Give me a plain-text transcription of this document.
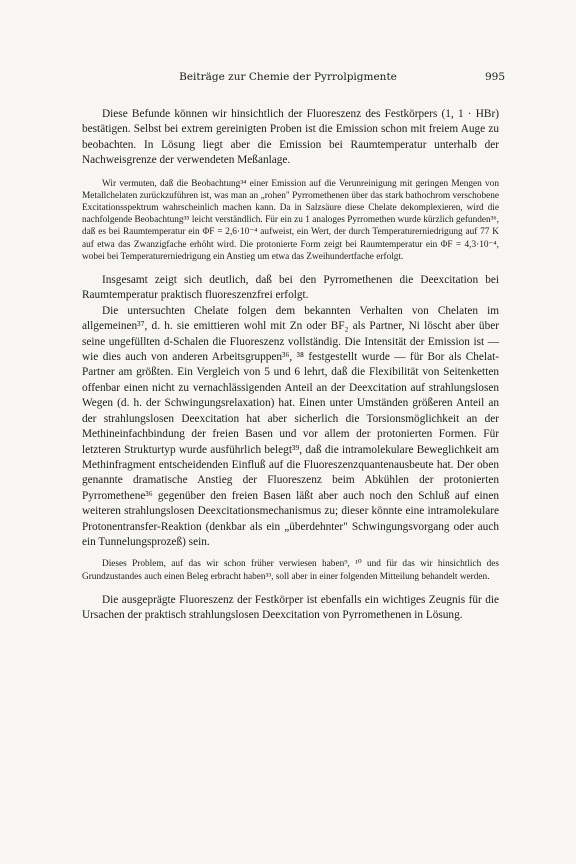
Beiträge zur Chemie der Pyrrolpigmente	995

Diese Befunde können wir hinsichtlich der Fluoreszenz des Festkörpers (1, 1 · HBr) bestätigen. Selbst bei extrem gereinigten Proben ist die Emission schon mit freiem Auge zu beobachten. In Lösung liegt aber die Emission bei Raumtemperatur unterhalb der Nachweisgrenze der verwendeten Meßanlage.

Wir vermuten, daß die Beobachtung³⁴ einer Emission auf die Verunreinigung mit geringen Mengen von Metallchelaten zurückzuführen ist, was man an „rohen" Pyrromethenen über das stark bathochrom verschobene Excitationsspektrum wahrscheinlich machen kann. Da in Salzsäure diese Chelate dekomplexieren, wird die nachfolgende Beobachtung³⁵ leicht verständlich. Für ein zu 1 analoges Pyrromethen wurde kürzlich gefunden³⁶, daß es bei Raumtemperatur ein ΦF = 2,6·10⁻⁴ aufweist, ein Wert, der durch Temperaturerniedrigung auf 77 K auf etwa das Zwanzigfache erhöht wird. Die protonierte Form zeigt bei Raumtemperatur ein ΦF = 4,3·10⁻⁴, wobei bei Temperaturerniedrigung ein Anstieg um etwa das Zweihundertfache erfolgt.

Insgesamt zeigt sich deutlich, daß bei den Pyrromethenen die Deexcitation bei Raumtemperatur praktisch fluoreszenzfrei erfolgt.

Die untersuchten Chelate folgen dem bekannten Verhalten von Chelaten im allgemeinen³⁷, d. h. sie emittieren wohl mit Zn oder BF₂ als Partner, Ni löscht aber über seine ungefüllten d-Schalen die Fluoreszenz vollständig. Die Intensität der Emission ist — wie dies auch von anderen Arbeitsgruppen³⁶, ³⁸ festgestellt wurde — für Bor als Chelat-Partner am größten. Ein Vergleich von 5 und 6 lehrt, daß die Flexibilität von Seitenketten offenbar einen nicht zu vernachlässigenden Anteil an der Deexcitation auf strahlungslosen Wegen (d. h. der Schwingungsrelaxation) hat. Einen unter Umständen größeren Anteil an der strahlungslosen Deexcitation hat aber sicherlich die Torsionsmöglichkeit an der Methineinfachbindung der freien Basen und vor allem der protonierten Formen. Für letzteren Strukturtyp wurde ausführlich belegt³⁹, daß die intramolekulare Beweglichkeit am Methinfragment entscheidenden Einfluß auf die Fluoreszenzquantenausbeute hat. Der oben genannte dramatische Anstieg der Fluoreszenz beim Abkühlen der protonierten Pyrromethene³⁶ gegenüber den freien Basen läßt aber auch noch den Schluß auf einen weiteren strahlungslosen Deexcitationsmechanismus zu; dieser könnte eine intramolekulare Protonentransfer-Reaktion (denkbar als ein „überdehnter" Schwingungsvorgang oder auch ein Tunnelungsprozeß) sein.

Dieses Problem, auf das wir schon früher verwiesen haben⁹, ¹⁰ und für das wir hinsichtlich des Grundzustandes auch einen Beleg erbracht haben³³, soll aber in einer folgenden Mitteilung behandelt werden.

Die ausgeprägte Fluoreszenz der Festkörper ist ebenfalls ein wichtiges Zeugnis für die Ursachen der praktisch strahlungslosen Deexcitation von Pyrromethenen in Lösung.
